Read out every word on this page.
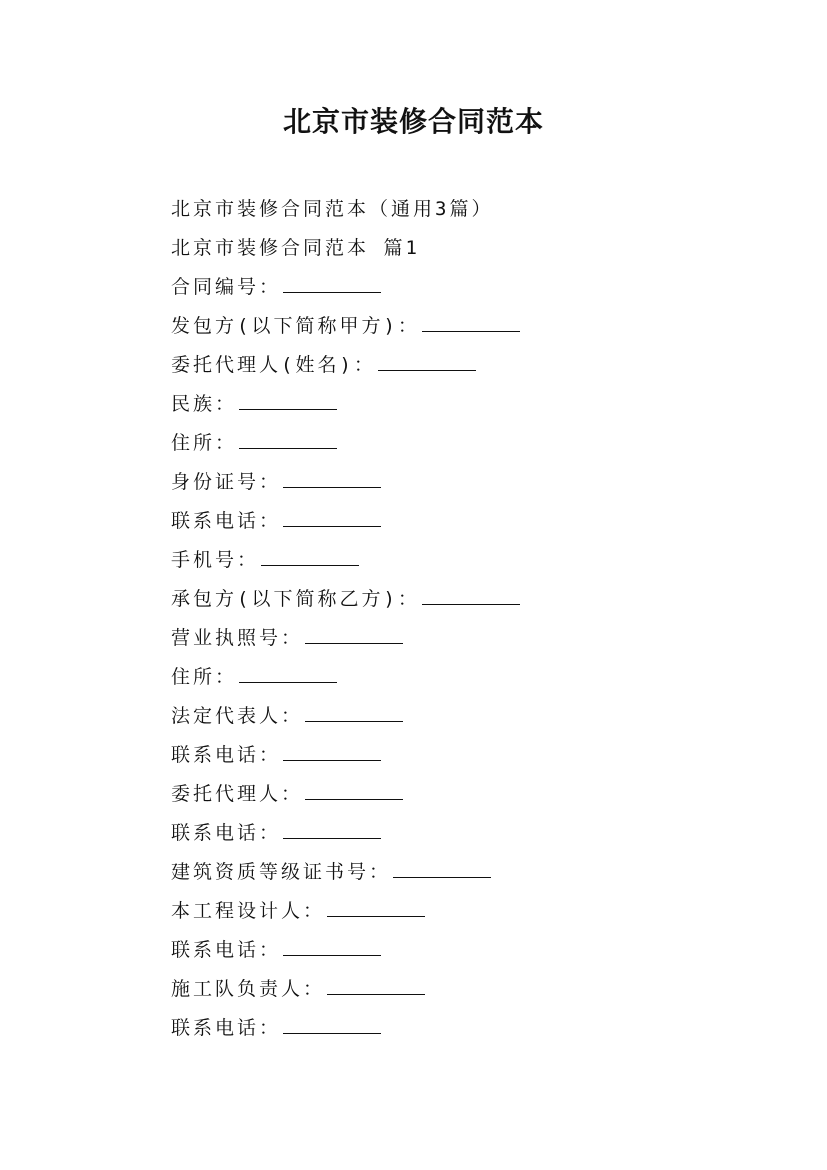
北京市装修合同范本
北京市装修合同范本（通用3篇）
北京市装修合同范本 篇1
合同编号：
发包方(以下简称甲方)：
委托代理人(姓名)：
民族：
住所：
身份证号：
联系电话：
手机号：
承包方(以下简称乙方)：
营业执照号：
住所：
法定代表人：
联系电话：
委托代理人：
联系电话：
建筑资质等级证书号：
本工程设计人：
联系电话：
施工队负责人：
联系电话：
